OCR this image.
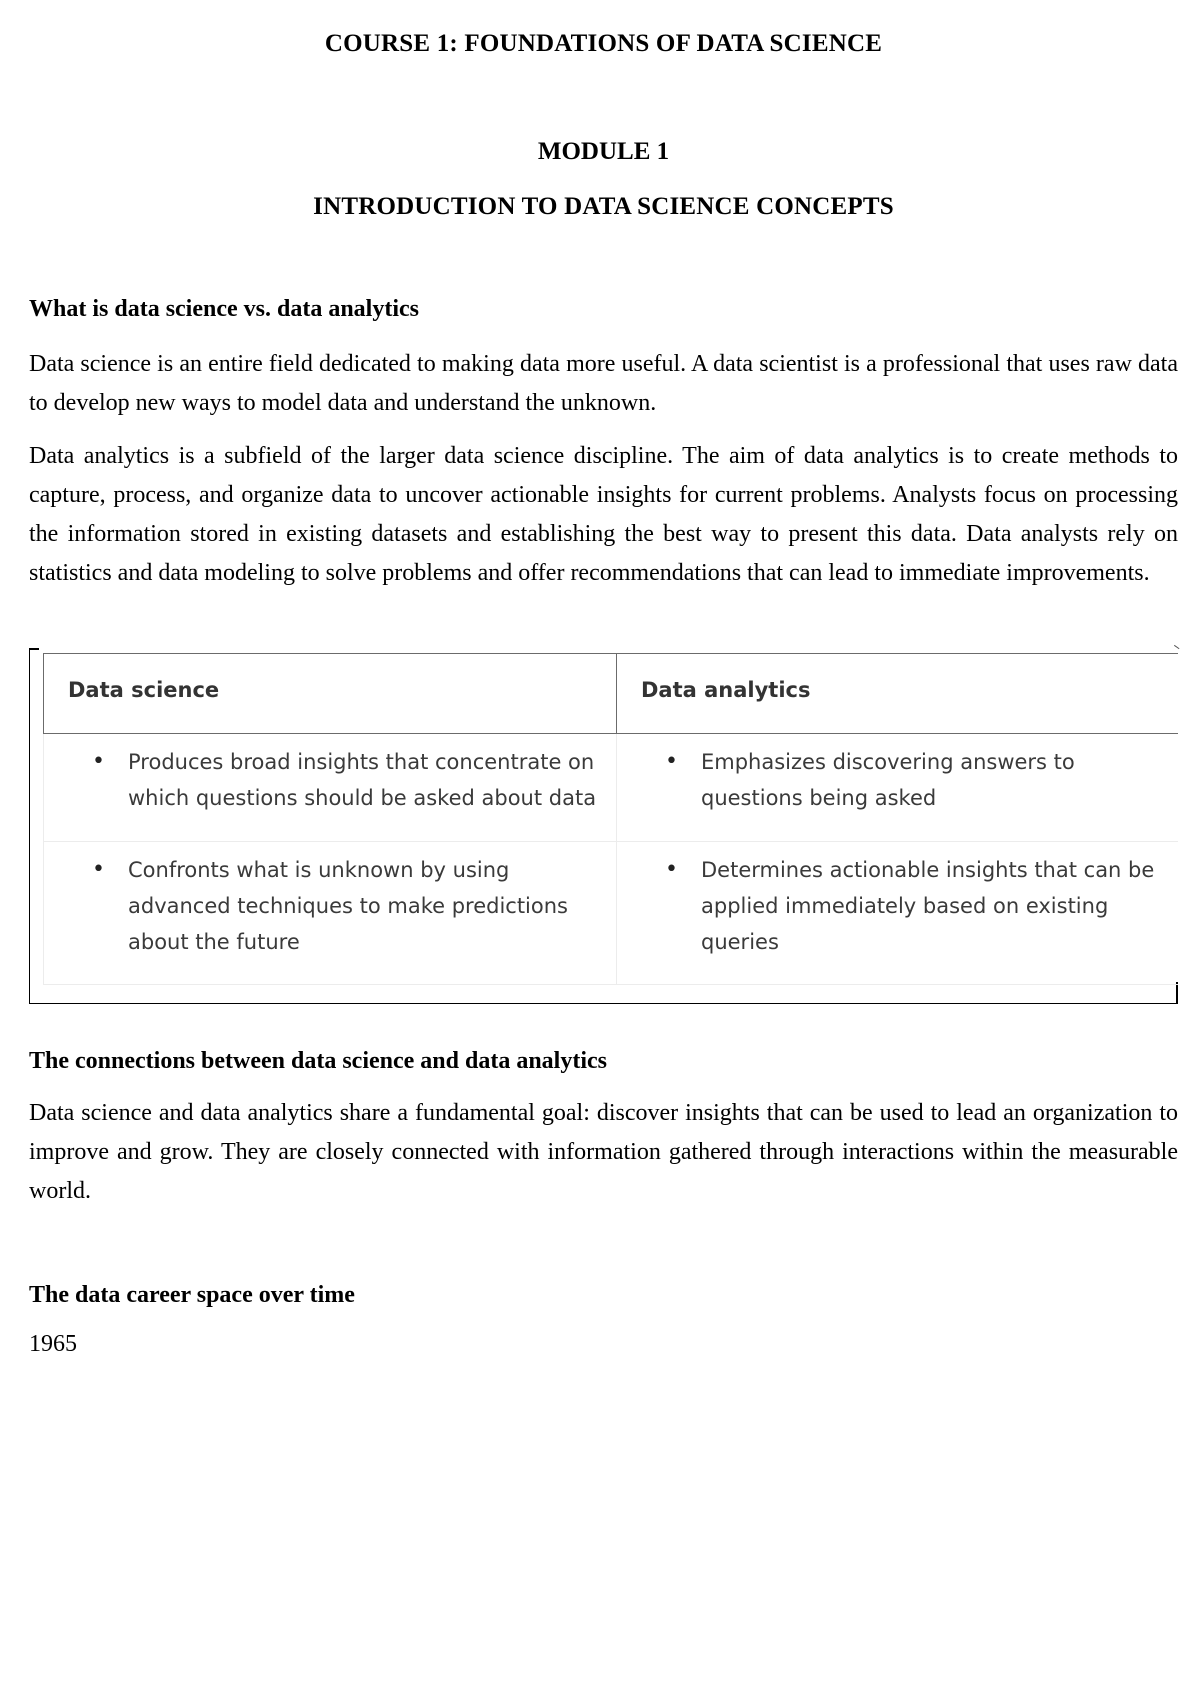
COURSE 1: FOUNDATIONS OF DATA SCIENCE
MODULE 1
INTRODUCTION TO DATA SCIENCE CONCEPTS
What is data science vs. data analytics

Data science is an entire field dedicated to making data more useful. A data scientist is a professional that uses raw data to develop new ways to model data and understand the unknown.

Data analytics is a subfield of the larger data science discipline. The aim of data analytics is to create methods to capture, process, and organize data to uncover actionable insights for current problems. Analysts focus on processing the information stored in existing datasets and establishing the best way to present this data. Data analysts rely on statistics and data modeling to solve problems and offer recommendations that can lead to immediate improvements.

Data science	Data analytics

• Produces broad insights that concentrate on which questions should be asked about data	• Emphasizes discovering answers to questions being asked

• Confronts what is unknown by using advanced techniques to make predictions about the future	• Determines actionable insights that can be applied immediately based on existing queries
The connections between data science and data analytics

Data science and data analytics share a fundamental goal: discover insights that can be used to lead an organization to improve and grow. They are closely connected with information gathered through interactions within the measurable world.

The data career space over time
1965
